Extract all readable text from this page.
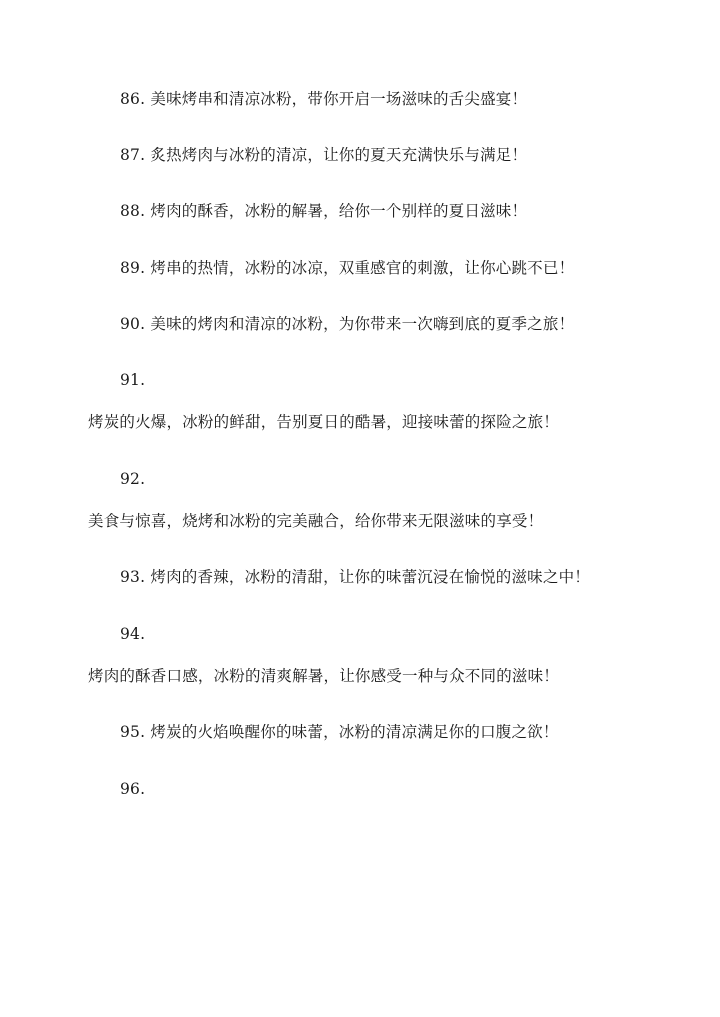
86. 美味烤串和清凉冰粉，带你开启一场滋味的舌尖盛宴！
87. 炙热烤肉与冰粉的清凉，让你的夏天充满快乐与满足！
88. 烤肉的酥香，冰粉的解暑，给你一个别样的夏日滋味！
89. 烤串的热情，冰粉的冰凉，双重感官的刺激，让你心跳不已！
90. 美味的烤肉和清凉的冰粉，为你带来一次嗨到底的夏季之旅！
91.
烤炭的火爆，冰粉的鲜甜，告别夏日的酷暑，迎接味蕾的探险之旅！
92.
美食与惊喜，烧烤和冰粉的完美融合，给你带来无限滋味的享受！
93. 烤肉的香辣，冰粉的清甜，让你的味蕾沉浸在愉悦的滋味之中！
94.
烤肉的酥香口感，冰粉的清爽解暑，让你感受一种与众不同的滋味！
95. 烤炭的火焰唤醒你的味蕾，冰粉的清凉满足你的口腹之欲！
96.
